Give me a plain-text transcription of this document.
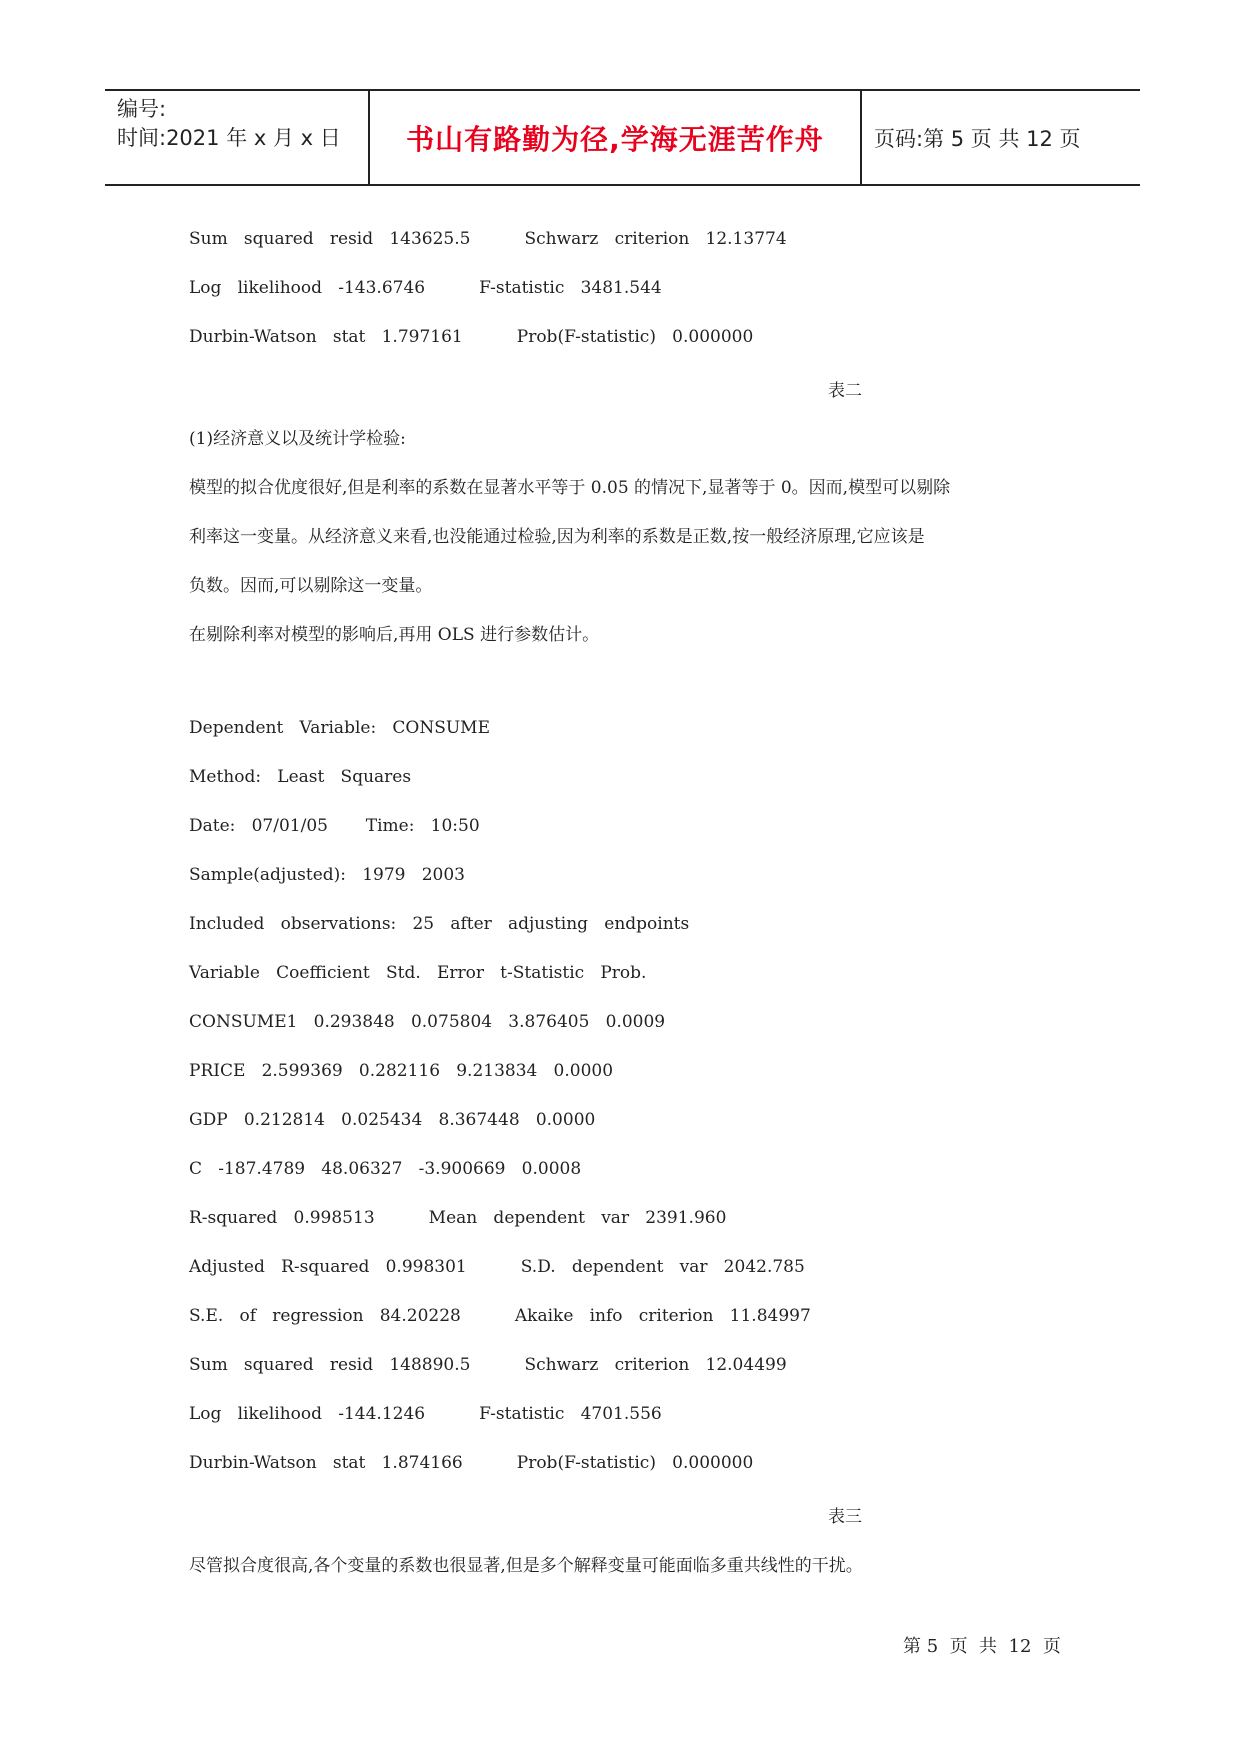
编号:
时间:2021 年 x 月 x 日 书山有路勤为径,学海无涯苦作舟 页码:第 5 页 共 12 页
Sum   squared   resid   143625.5          Schwarz   criterion   12.13774
Log   likelihood   -143.6746          F-statistic   3481.544
Durbin-Watson   stat   1.797161          Prob(F-statistic)   0.000000
表二
(1)经济意义以及统计学检验:
模型的拟合优度很好,但是利率的系数在显著水平等于 0.05 的情况下,显著等于 0。因而,模型可以剔除
利率这一变量。从经济意义来看,也没能通过检验,因为利率的系数是正数,按一般经济原理,它应该是
负数。因而,可以剔除这一变量。
在剔除利率对模型的影响后,再用 OLS 进行参数估计。
Dependent   Variable:   CONSUME
Method:   Least   Squares
Date:   07/01/05       Time:   10:50
Sample(adjusted):   1979   2003
Included   observations:   25   after   adjusting   endpoints
Variable   Coefficient   Std.   Error   t-Statistic   Prob.
CONSUME1   0.293848   0.075804   3.876405   0.0009
PRICE   2.599369   0.282116   9.213834   0.0000
GDP   0.212814   0.025434   8.367448   0.0000
C   -187.4789   48.06327   -3.900669   0.0008
R-squared   0.998513          Mean   dependent   var   2391.960
Adjusted   R-squared   0.998301          S.D.   dependent   var   2042.785
S.E.   of   regression   84.20228          Akaike   info   criterion   11.84997
Sum   squared   resid   148890.5          Schwarz   criterion   12.04499
Log   likelihood   -144.1246          F-statistic   4701.556
Durbin-Watson   stat   1.874166          Prob(F-statistic)   0.000000
表三
尽管拟合度很高,各个变量的系数也很显著,但是多个解释变量可能面临多重共线性的干扰。
第 5  页  共  12  页
